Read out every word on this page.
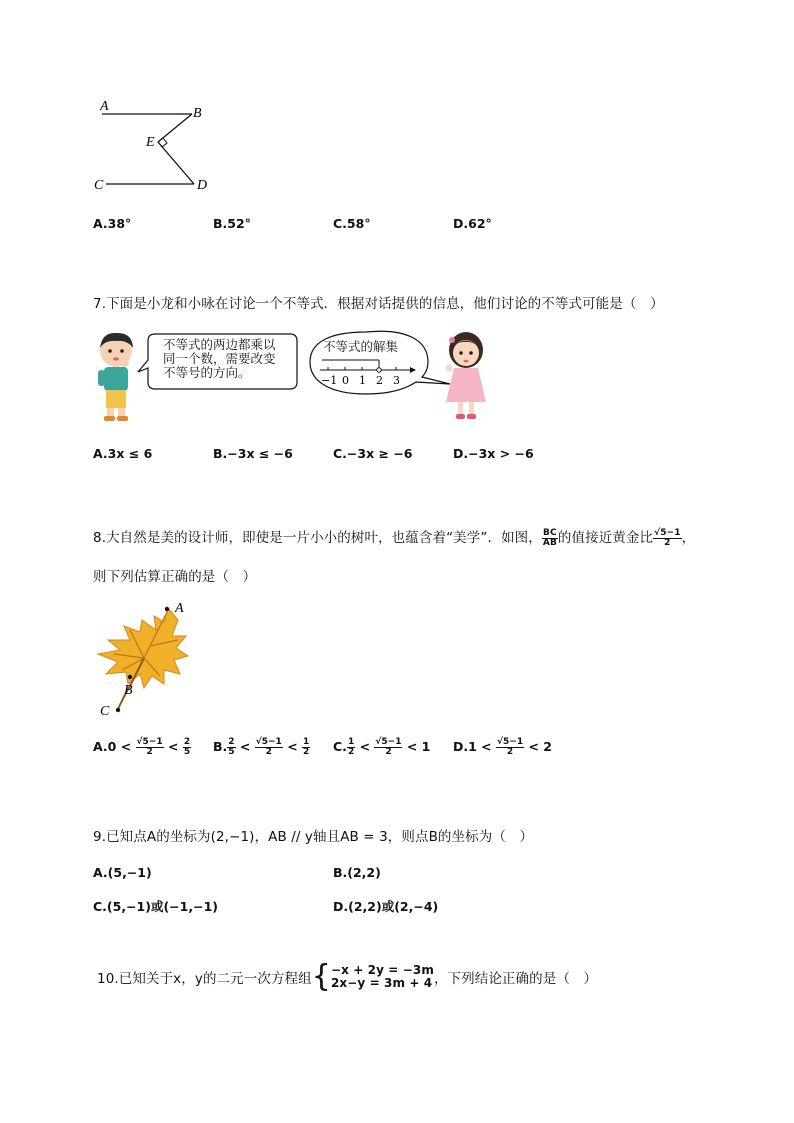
A	B
E
C	D
A.38°	B.52°	C.58°	D.62°
7.下面是小龙和小咏在讨论一个不等式．根据对话提供的信息，他们讨论的不等式可能是（　）
不等式的两边都乘以
同一个数，需要改变
不等号的方向。
不等式的解集
−1 0 1 2 3
A.3x ≤ 6	B.−3x ≤ −6	C.−3x ≥ −6	D.−3x > −6
8.大自然是美的设计师，即使是一片小小的树叶，也蕴含着“美学”．如图， $\frac{BC}{AB}$ 的值接近黄金比 $\frac{√5-1}{2}$ ，
则下列估算正确的是（　）
A
B
C
$A.0 < \frac{√5-1}{2} < \frac{2}{5} B$. $\frac{2}{5} < \frac{√5-1}{2} < \frac{1}{2} C$. $\frac{1}{2} < \frac{√5-1}{2} < 1$ $D.1 < \frac{√5-1}{2} < 2$
9.已知点A的坐标为(2,−1)，AB // y轴且AB = 3，则点B的坐标为（　）
A.(5,−1)	B.(2,2)
C.(5,−1)或(−1,−1)	D.(2,2)或(2,−4)
10.已知关于x，y的二元一次方程组{ −x + 2y = −3m
2x−y = 3m + 4 ，下列结论正确的是（　）
